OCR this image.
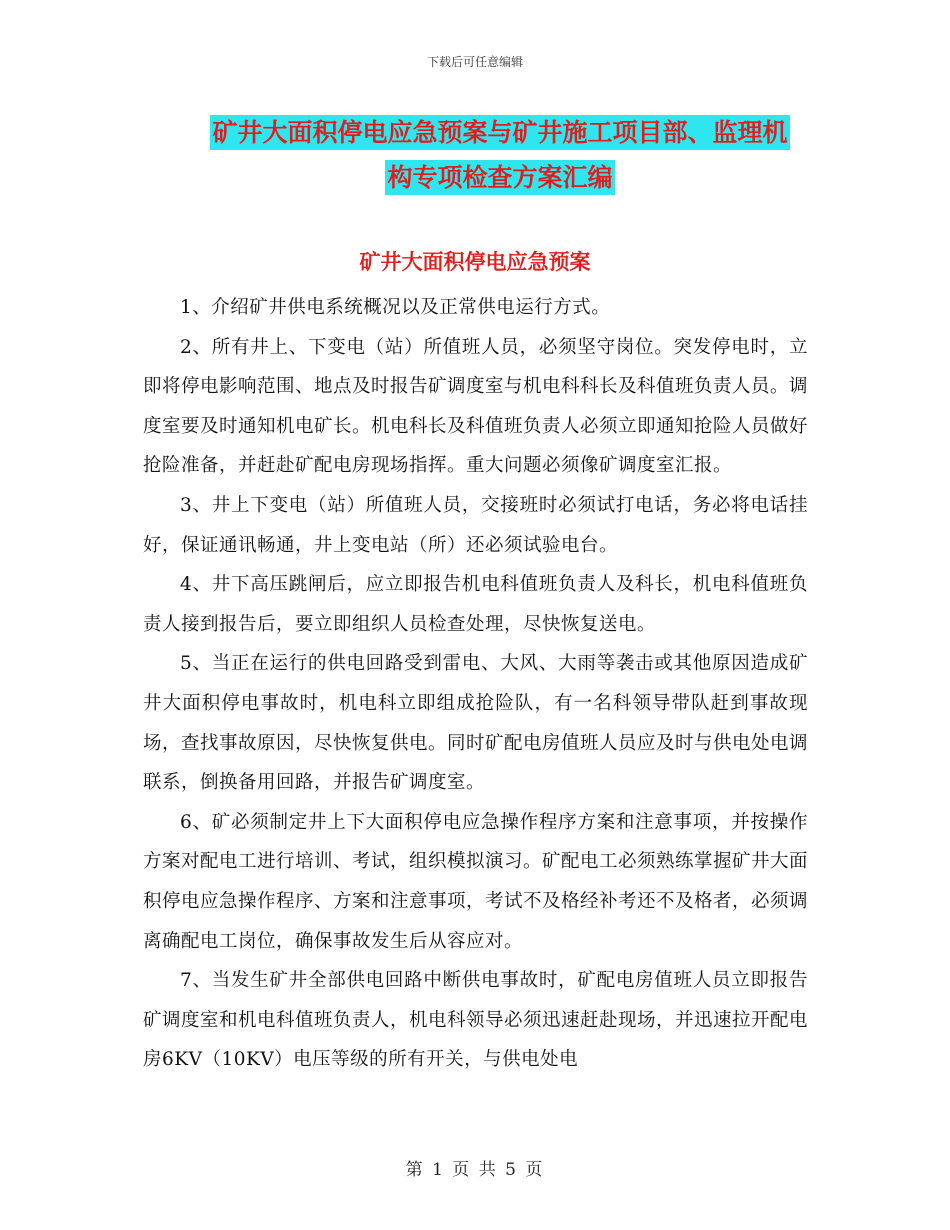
下载后可任意编辑
矿井大面积停电应急预案与矿井施工项目部、监理机
构专项检查方案汇编
矿井大面积停电应急预案

1、介绍矿井供电系统概况以及正常供电运行方式。

2、所有井上、下变电（站）所值班人员，必须坚守岗位。突发停电时，立即将停电影响范围、地点及时报告矿调度室与机电科科长及科值班负责人员。调度室要及时通知机电矿长。机电科长及科值班负责人必须立即通知抢险人员做好抢险准备，并赶赴矿配电房现场指挥。重大问题必须像矿调度室汇报。

3、井上下变电（站）所值班人员，交接班时必须试打电话，务必将电话挂好，保证通讯畅通，井上变电站（所）还必须试验电台。

4、井下高压跳闸后，应立即报告机电科值班负责人及科长，机电科值班负责人接到报告后，要立即组织人员检查处理，尽快恢复送电。

5、当正在运行的供电回路受到雷电、大风、大雨等袭击或其他原因造成矿井大面积停电事故时，机电科立即组成抢险队，有一名科领导带队赶到事故现场，查找事故原因，尽快恢复供电。同时矿配电房值班人员应及时与供电处电调联系，倒换备用回路，并报告矿调度室。

6、矿必须制定井上下大面积停电应急操作程序方案和注意事项，并按操作方案对配电工进行培训、考试，组织模拟演习。矿配电工必须熟练掌握矿井大面积停电应急操作程序、方案和注意事项，考试不及格经补考还不及格者，必须调离确配电工岗位，确保事故发生后从容应对。

7、当发生矿井全部供电回路中断供电事故时，矿配电房值班人员立即报告矿调度室和机电科值班负责人，机电科领导必须迅速赶赴现场，并迅速拉开配电房6KV（10KV）电压等级的所有开关，与供电处电

第 1 页 共 5 页
